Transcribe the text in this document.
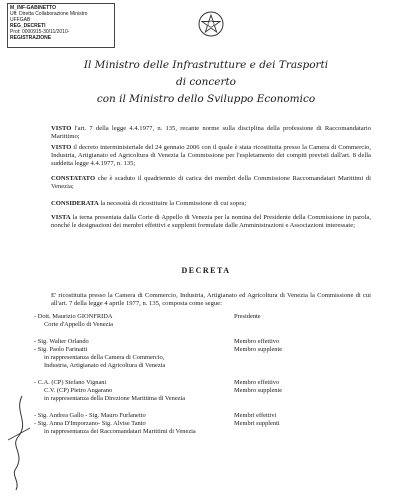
M_INF-GABINETTO
Uff. Diretta Collaborazione Ministro
UFFGAB
REG_DECRETI
Prot: 0000915-30/11/2010-
REGISTRAZIONE
Il Ministro delle Infrastrutture e dei Trasporti
di concerto
con il Ministro dello Sviluppo Economico
VISTO l'art. 7 della legge 4.4.1977, n. 135, recante norme sulla disciplina della professione di Raccomandatario Marittimo;
VISTO il decreto interministeriale del 24 gennaio 2006 con il quale è stata ricostituita presso la Camera di Commercio, Industria, Artigianato ed Agricoltura di Venezia la Commissione per l'espletamento dei compiti previsti dall'art. 8 della suddetta legge 4.4.1977, n. 135;
CONSTATATO che è scaduto il quadriennio di carica dei membri della Commissione Raccomandatari Marittimi di Venezia;
CONSIDERATA la necessità di ricostituire la Commissione di cui sopra;
VISTA la terna presentata dalla Corte di Appello di Venezia per la nomina del Presidente della Commissione in parola, nonché le designazioni dei membri effettivi e supplenti formulate dalle Amministrazioni e Associazioni interessate;
DECRETA
E' ricostituita presso la Camera di Commercio, Industria, Artigianato ed Agricoltura di Venezia la Commissione di cui all'art. 7 della legge 4 aprile 1977, n. 135, composta come segue:
- Dott. Maurizio GIONFRIDA	Presidente
Corte d'Appello di Venezia
- Sig. Walter Orlando	Membro effettivo
- Sig. Paolo Farinatti	Membro supplente
in rappresentanza della Camera di Commercio,
Industria, Artigianato ed Agricoltura di Venezia
- C.A. (CP) Stefano Vignani	Membro effettivo
C.V. (CP) Pietro Angarano	Membro supplente
in rappresentanza della Direzione Marittima di Venezia
- Sig. Andrea Gallo - Sig. Mauro Furlanetto	Membri effettivi
- Sig. Anna D'Imporzano- Sig. Alvise Tanto	Membri supplenti
in rappresentanza dei Raccomandatari Marittimi di Venezia
